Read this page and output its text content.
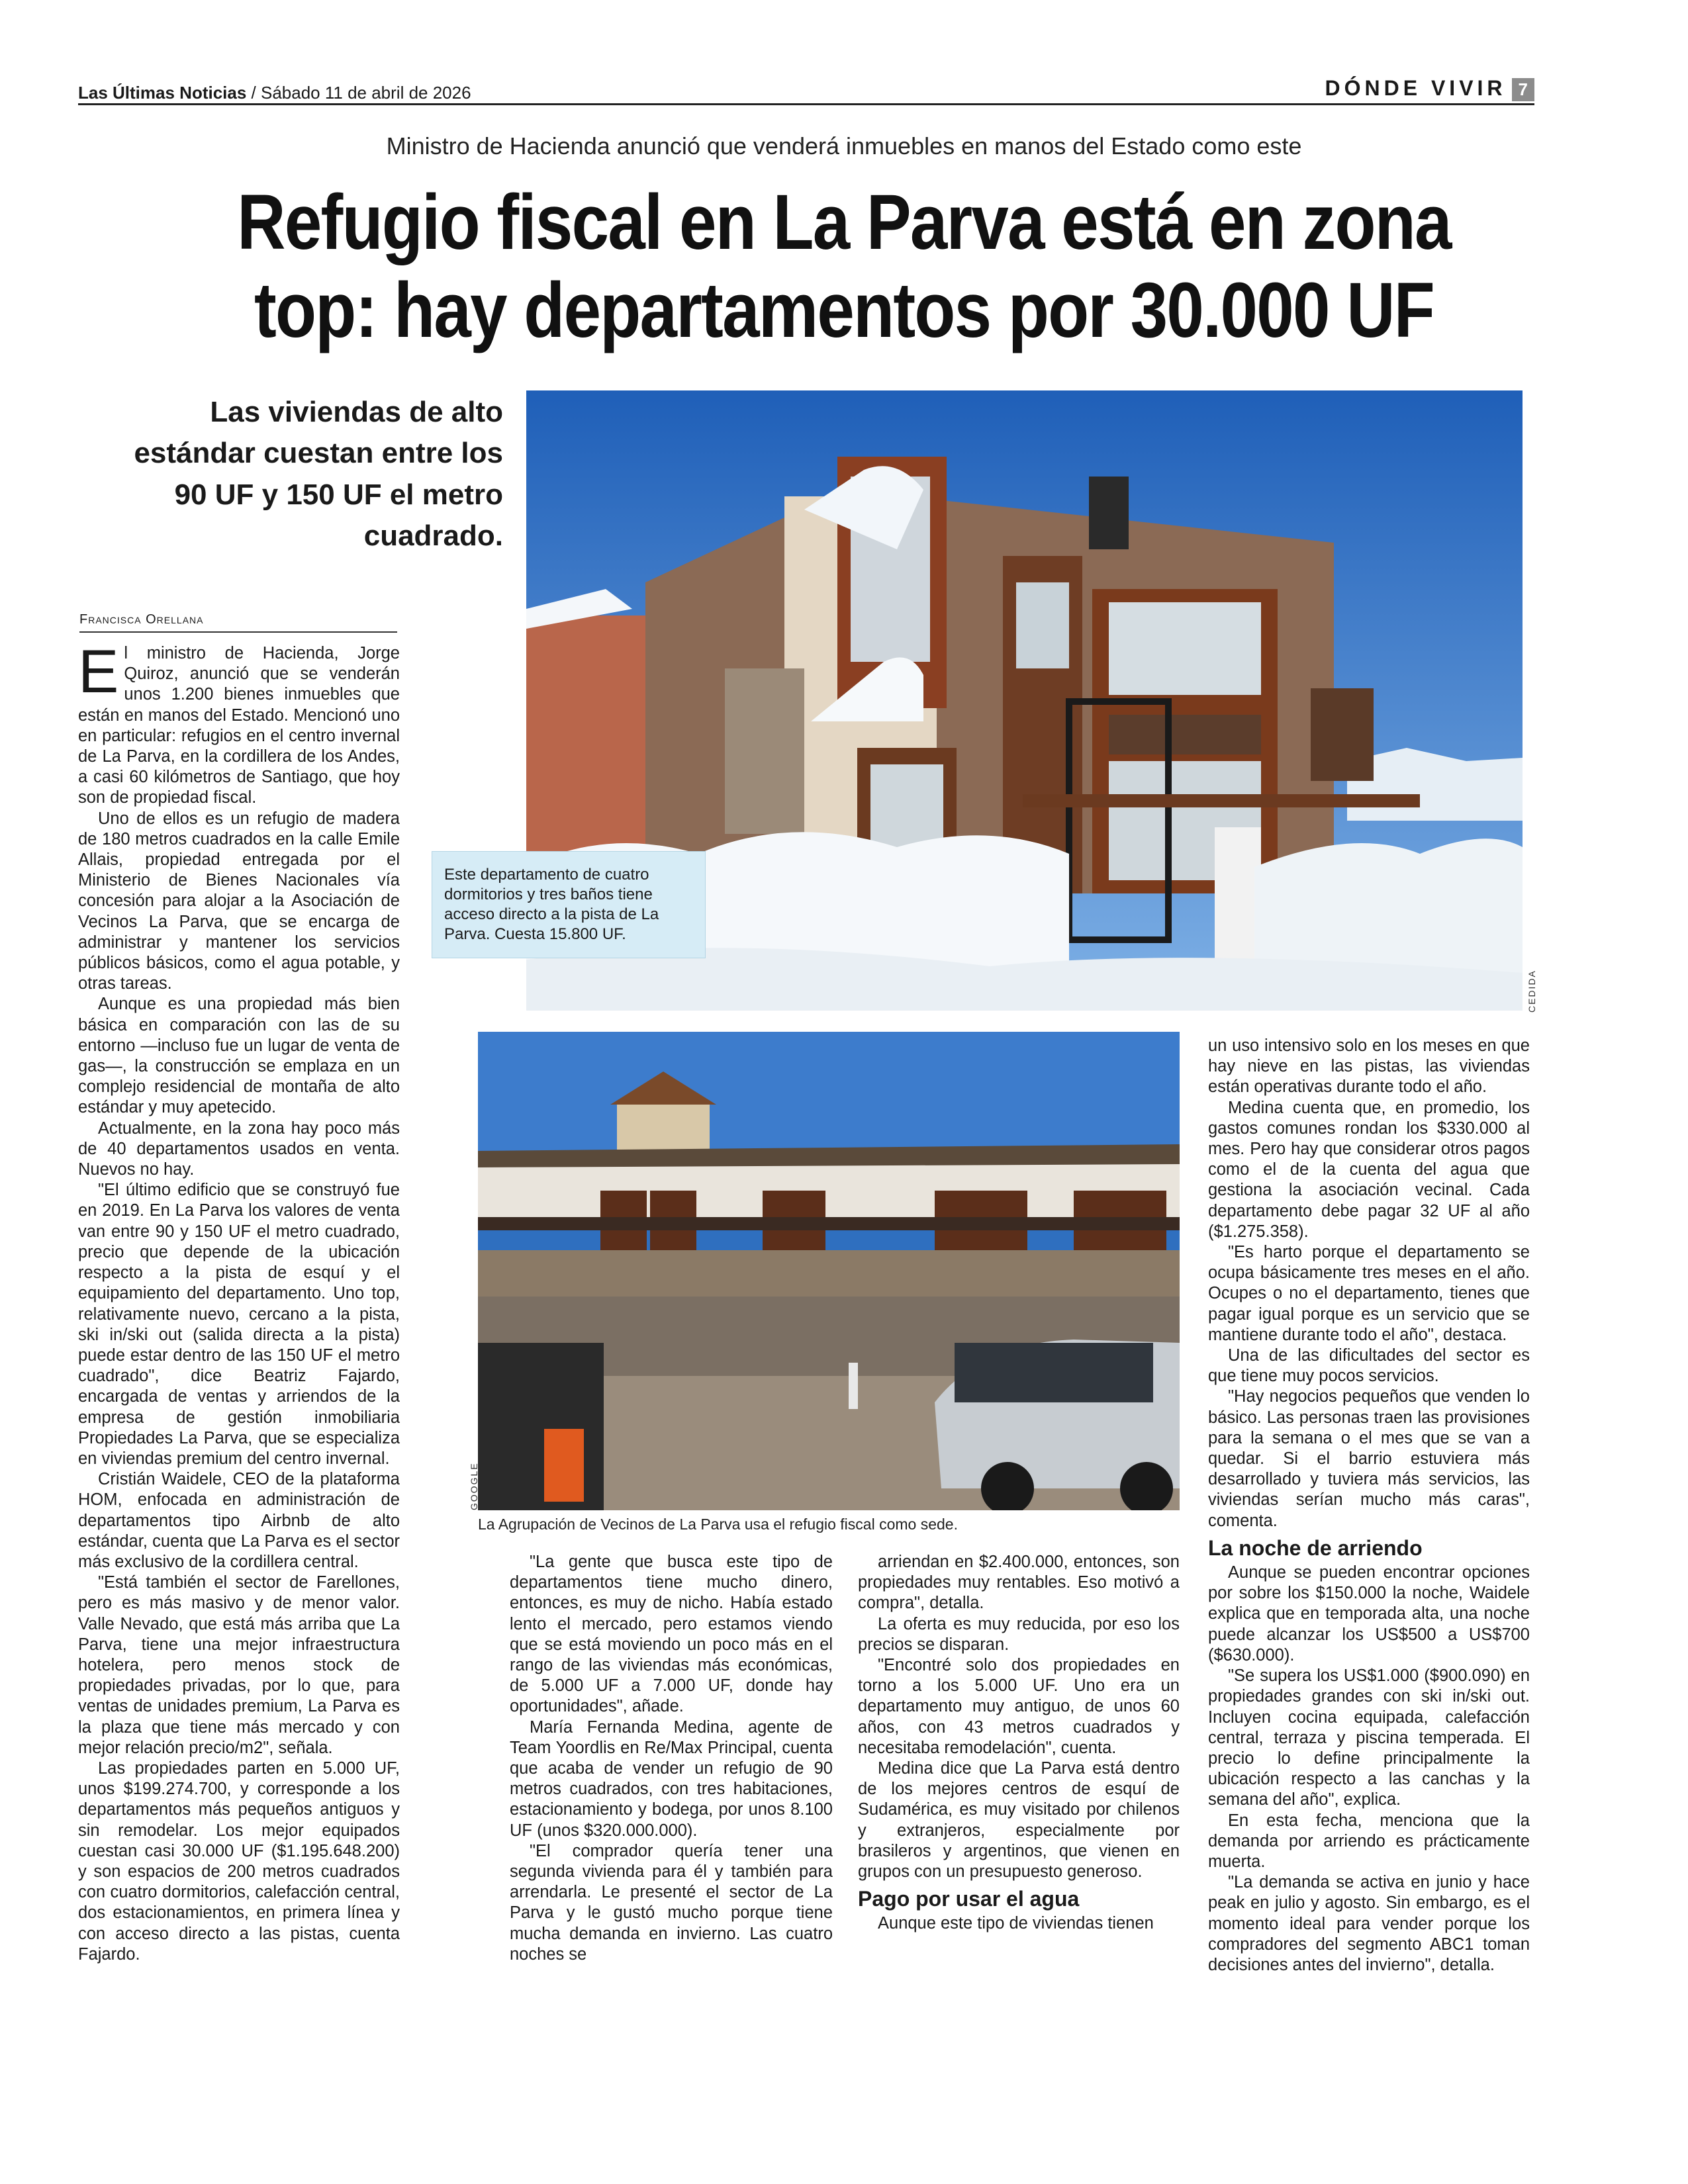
Las Últimas Noticias / Sábado 11 de abril de 2026	DÓNDE VIVIR 7
Ministro de Hacienda anunció que venderá inmuebles en manos del Estado como este
Refugio fiscal en La Parva está en zona
top: hay departamentos por 30.000 UF
Las viviendas de alto estándar cuestan entre los 90 UF y 150 UF el metro cuadrado.
Francisca Orellana
Este departamento de cuatro dormitorios y tres baños tiene acceso directo a la pista de La Parva. Cuesta 15.800 UF.
CEDIDA
GOOGLE
La Agrupación de Vecinos de La Parva usa el refugio fiscal como sede.

El ministro de Hacienda, Jorge Quiroz, anunció que se venderán unos 1.200 bienes inmuebles que están en manos del Estado. Mencionó uno en particular: refugios en el centro invernal de La Parva, en la cordillera de los Andes, a casi 60 kilómetros de Santiago, que hoy son de propiedad fiscal.

Uno de ellos es un refugio de madera de 180 metros cuadrados en la calle Emile Allais, propiedad entregada por el Ministerio de Bienes Nacionales vía concesión para alojar a la Asociación de Vecinos La Parva, que se encarga de administrar y mantener los servicios públicos básicos, como el agua potable, y otras tareas.

Aunque es una propiedad más bien básica en comparación con las de su entorno —incluso fue un lugar de venta de gas—, la construcción se emplaza en un complejo residencial de montaña de alto estándar y muy apetecido.

Actualmente, en la zona hay poco más de 40 departamentos usados en venta. Nuevos no hay.

"El último edificio que se construyó fue en 2019. En La Parva los valores de venta van entre 90 y 150 UF el metro cuadrado, precio que depende de la ubicación respecto a la pista de esquí y el equipamiento del departamento. Uno top, relativamente nuevo, cercano a la pista, ski in/ski out (salida directa a la pista) puede estar dentro de las 150 UF el metro cuadrado", dice Beatriz Fajardo, encargada de ventas y arriendos de la empresa de gestión inmobiliaria Propiedades La Parva, que se especializa en viviendas premium del centro invernal.

Cristián Waidele, CEO de la plataforma HOM, enfocada en administración de departamentos tipo Airbnb de alto estándar, cuenta que La Parva es el sector más exclusivo de la cordillera central.

"Está también el sector de Farellones, pero es más masivo y de menor valor. Valle Nevado, que está más arriba que La Parva, tiene una mejor infraestructura hotelera, pero menos stock de propiedades privadas, por lo que, para ventas de unidades premium, La Parva es la plaza que tiene más mercado y con mejor relación precio/m2", señala.

Las propiedades parten en 5.000 UF, unos $199.274.700, y corresponde a los departamentos más pequeños antiguos y sin remodelar. Los mejor equipados cuestan casi 30.000 UF ($1.195.648.200) y son espacios de 200 metros cuadrados con cuatro dormitorios, calefacción central, dos estacionamientos, en primera línea y con acceso directo a las pistas, cuenta Fajardo.

"La gente que busca este tipo de departamentos tiene mucho dinero, entonces, es muy de nicho. Había estado lento el mercado, pero estamos viendo que se está moviendo un poco más en el rango de las viviendas más económicas, de 5.000 UF a 7.000 UF, donde hay oportunidades", añade.

María Fernanda Medina, agente de Team Yoordlis en Re/Max Principal, cuenta que acaba de vender un refugio de 90 metros cuadrados, con tres habitaciones, estacionamiento y bodega, por unos 8.100 UF (unos $320.000.000).

"El comprador quería tener una segunda vivienda para él y también para arrendarla. Le presenté el sector de La Parva y le gustó mucho porque tiene mucha demanda en invierno. Las cuatro noches se

arriendan en $2.400.000, entonces, son propiedades muy rentables. Eso motivó a compra", detalla.

La oferta es muy reducida, por eso los precios se disparan.

"Encontré solo dos propiedades en torno a los 5.000 UF. Uno era un departamento muy antiguo, de unos 60 años, con 43 metros cuadrados y necesitaba remodelación", cuenta.

Medina dice que La Parva está dentro de los mejores centros de esquí de Sudamérica, es muy visitado por chilenos y extranjeros, especialmente por brasileros y argentinos, que vienen en grupos con un presupuesto generoso.

Pago por usar el agua

Aunque este tipo de viviendas tienen

un uso intensivo solo en los meses en que hay nieve en las pistas, las viviendas están operativas durante todo el año.

Medina cuenta que, en promedio, los gastos comunes rondan los $330.000 al mes. Pero hay que considerar otros pagos como el de la cuenta del agua que gestiona la asociación vecinal. Cada departamento debe pagar 32 UF al año ($1.275.358).

"Es harto porque el departamento se ocupa básicamente tres meses en el año. Ocupes o no el departamento, tienes que pagar igual porque es un servicio que se mantiene durante todo el año", destaca.

Una de las dificultades del sector es que tiene muy pocos servicios.

"Hay negocios pequeños que venden lo básico. Las personas traen las provisiones para la semana o el mes que se van a quedar. Si el barrio estuviera más desarrollado y tuviera más servicios, las viviendas serían mucho más caras", comenta.

La noche de arriendo

Aunque se pueden encontrar opciones por sobre los $150.000 la noche, Waidele explica que en temporada alta, una noche puede alcanzar los US$500 a US$700 ($630.000).

"Se supera los US$1.000 ($900.090) en propiedades grandes con ski in/ski out. Incluyen cocina equipada, calefacción central, terraza y piscina temperada. El precio lo define principalmente la ubicación respecto a las canchas y la semana del año", explica.

En esta fecha, menciona que la demanda por arriendo es prácticamente muerta.

"La demanda se activa en junio y hace peak en julio y agosto. Sin embargo, es el momento ideal para vender porque los compradores del segmento ABC1 toman decisiones antes del invierno", detalla.
